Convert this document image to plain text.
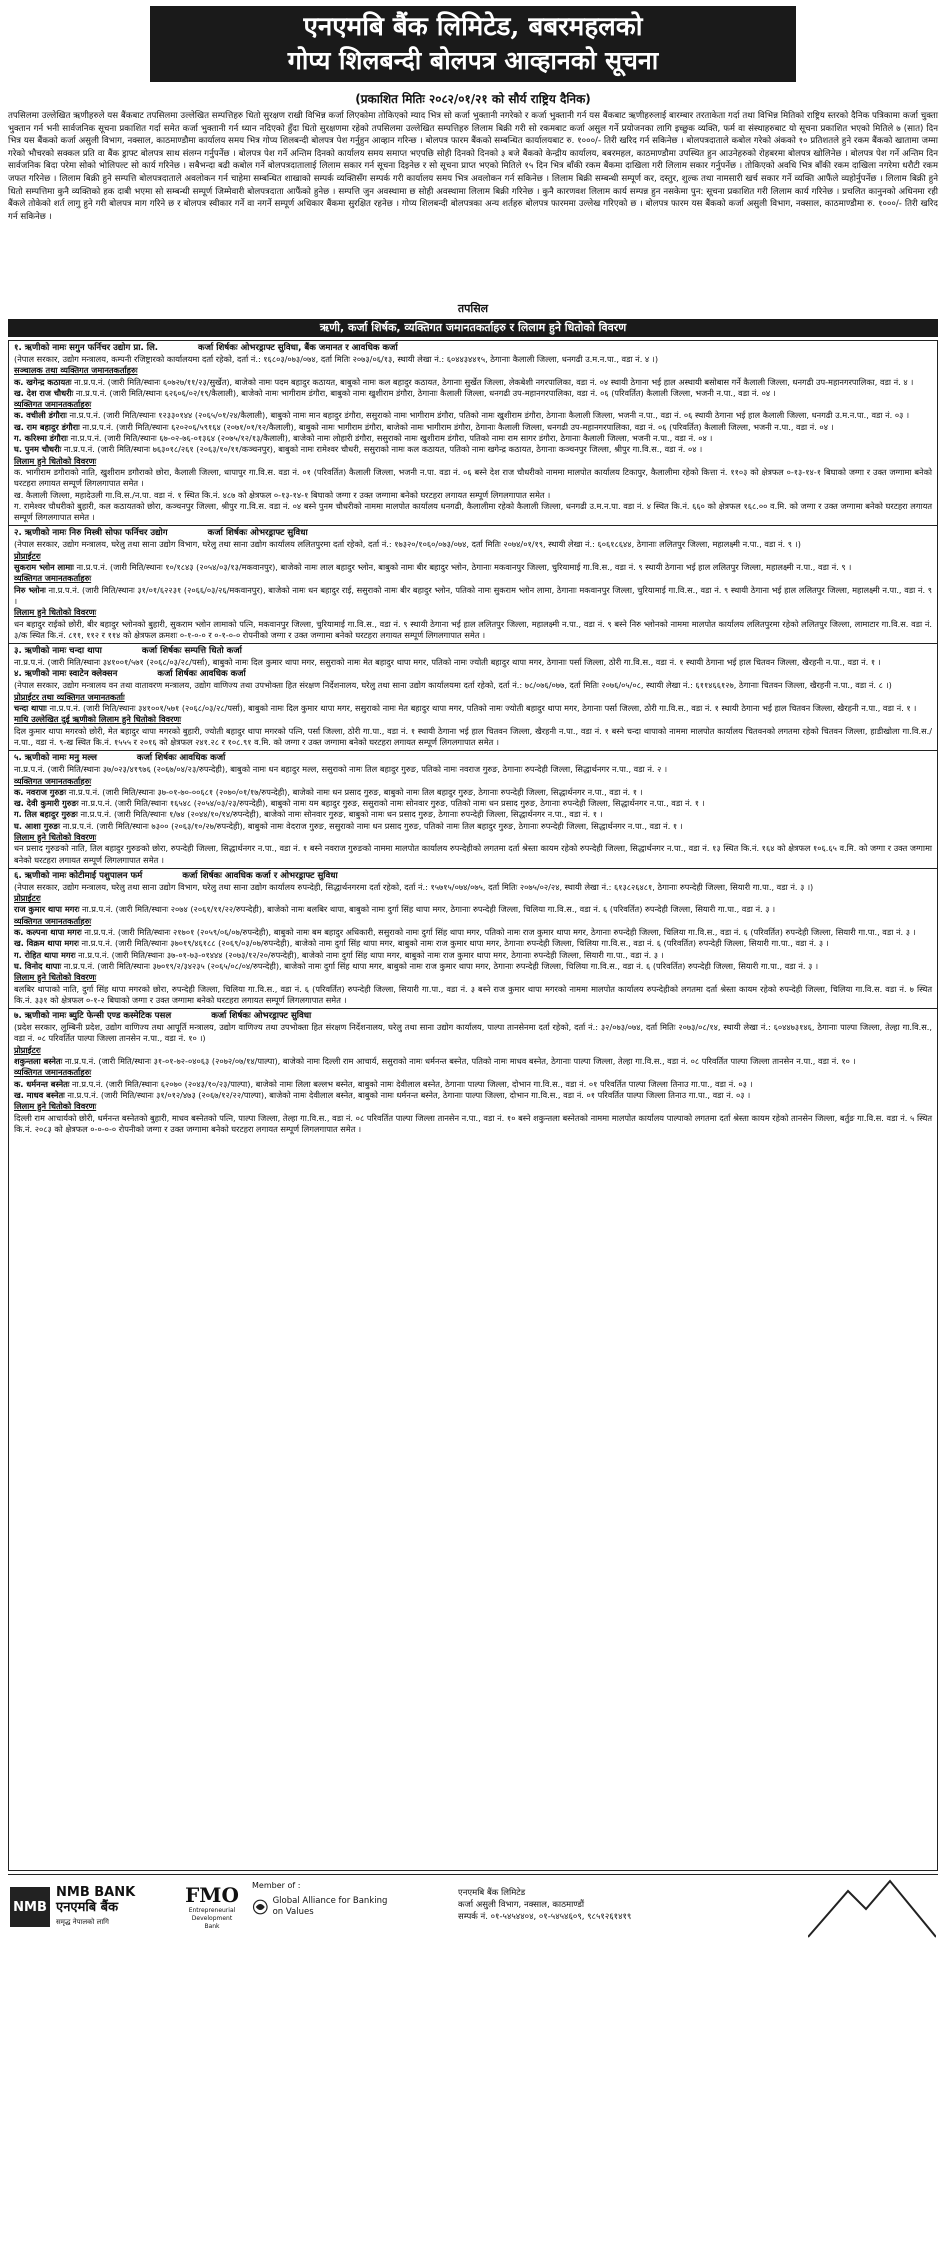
एनएमबि बैंक लिमिटेड, बबरमहलको
गोप्य शिलबन्दी बोलपत्र आव्हानको सूचना
(प्रकाशित मितिः २०८२/०१/२१ को सौर्य राष्ट्रिय दैनिक)

तपसिलमा उल्लेखित ऋणीहरुले यस बैंकबाट तपसिलमा उल्लेखित सम्पत्तिहरु धितो सुरक्षण राखी विभिन्न कर्जा लिएकोमा तोकिएको म्याद भित्र सो कर्जा भुक्तानी नगरेको र कर्जा भुक्तानी गर्न यस बैंकबाट ऋणीहरुलाई बारम्बार तरताकेता गर्दा तथा विभिन्न मितिको राष्ट्रिय स्तरको दैनिक पत्रिकामा कर्जा चुक्ता भुक्तान गर्न भनी सार्वजनिक सूचना प्रकाशित गर्दा समेत कर्जा भुक्तानी गर्न ध्यान नदिएको हुँदा धितो सुरक्षणमा रहेको तपसिलमा उल्लेखित सम्पत्तिहरु लिलाम बिक्री गरी सो रकमबाट कर्जा असुल गर्ने प्रयोजनका लागि इच्छुक व्यक्ति, फर्म वा संस्थाहरुबाट यो सूचना प्रकाशित भएको मितिले ७ (सात) दिन भित्र यस बैंकको कर्जा असुली विभाग, नक्साल, काठमाण्डौमा कार्यालय समय भित्र गोप्य शिलबन्दी बोलपत्र पेश गर्नुहुन आव्हान गरिन्छ । बोलपत्र फारम बैंकको सम्बन्धित कार्यालयबाट रु. १०००/- तिरी खरिद गर्न सकिनेछ । बोलपत्रदाताले कबोल गरेको अंकको १० प्रतिशतले हुने रकम बैंकको खातामा जम्मा गरेको भौचरको सक्कल प्रति वा बैंक ड्राफ्ट बोलपत्र साथ संलग्न गर्नुपर्नेछ । बोलपत्र पेश गर्ने अन्तिम दिनको कार्यालय समय समाप्त भएपछि सोही दिनको दिनको ३ बजे बैंकको केन्द्रीय कार्यालय, बबरमहल, काठमाण्डौमा उपस्थित हुन आउनेहरुको रोहबरमा बोलपत्र खोलिनेछ । बोलपत्र पेश गर्ने अन्तिम दिन सार्वजनिक बिदा परेमा सोको भोलिपल्ट सो कार्य गरिनेछ । सबैभन्दा बढी कबोल गर्ने बोलपत्रदातालाई लिलाम सकार गर्न सूचना दिइनेछ र सो सूचना प्राप्त भएको मितिले १५ दिन भित्र बाँकी रकम बैंकमा दाखिला गरी लिलाम सकार गर्नुपर्नेछ । तोकिएको अवधि भित्र बाँकी रकम दाखिला नगरेमा धरौटी रकम जफत गरिनेछ । लिलाम बिक्री हुने सम्पत्ति बोलपत्रदाताले अवलोकन गर्न चाहेमा सम्बन्धित शाखाको सम्पर्क व्यक्तिसँग सम्पर्क गरी कार्यालय समय भित्र अवलोकन गर्न सकिनेछ । लिलाम बिक्री सम्बन्धी सम्पूर्ण कर, दस्तुर, शुल्क तथा नामसारी खर्च सकार गर्ने व्यक्ति आफैंले व्यहोर्नुपर्नेछ । लिलाम बिक्री हुने धितो सम्पत्तिमा कुनै व्यक्तिको हक दाबी भएमा सो सम्बन्धी सम्पूर्ण जिम्मेवारी बोलपत्रदाता आफैंको हुनेछ । सम्पत्ति जुन अवस्थामा छ सोही अवस्थामा लिलाम बिक्री गरिनेछ । कुनै कारणवश लिलाम कार्य सम्पन्न हुन नसकेमा पुन: सूचना प्रकाशित गरी लिलाम कार्य गरिनेछ । प्रचलित कानुनको अधिनमा रही बैंकले तोकेको शर्त लागु हुने गरी बोलपत्र माग गरिने छ र बोलपत्र स्वीकार गर्ने वा नगर्ने सम्पूर्ण अधिकार बैंकमा सुरक्षित रहनेछ । गोप्य शिलबन्दी बोलपत्रका अन्य शर्तहरु बोलपत्र फारममा उल्लेख गरिएको छ । बोलपत्र फारम यस बैंकको कर्जा असुली विभाग, नक्साल, काठमाण्डौमा रु. १०००/- तिरी खरिद गर्न सकिनेछ ।

तपसिल
ऋणी, कर्जा शिर्षक, व्यक्तिगत जमानतकर्ताहरु र लिलाम हुने धितोको विवरण
१. ऋणीको नामः सगुन फर्निचर उद्योग प्रा. लि.	कर्जा शिर्षकः ओभरड्राफ्ट सुविधा, बैंक जमानत र आवधिक कर्जा

(नेपाल सरकार, उद्योग मन्त्रालय, कम्पनी रजिष्ट्रारको कार्यालयमा दर्ता रहेको, दर्ता नं.: १६८०३/०७३/०७४, दर्ता मितिः २०७३/०६/१३, स्थायी लेखा नं.: ६०४४३४४१५, ठेगानाः कैलाली जिल्ला, धनगढी उ.म.न.पा., वडा नं. ४ ।)

सञ्चालक तथा व्यक्तिगत जमानतकर्ताहरुः

क. खगेन्द्र कठायतः ना.प्र.प.नं. (जारी मिति/स्थानः ६०७२७/११/२३/सुर्खेत), बाजेको नामः पदम बहादुर कठायत, बाबुको नामः कल बहादुर कठायत, ठेगानाः सुर्खेत जिल्ला, लेकबेशी नगरपालिका, वडा नं. ०४ स्थायी ठेगाना भई हाल अस्थायी बसोबास गर्ने कैलाली जिल्ला, धनगढी उप-महानगरपालिका, वडा नं. ४ ।

ख. देश राज चौधरीः ना.प्र.प.नं. (जारी मिति/स्थानः ६२६०६/०२/१९/कैलाली), बाजेको नामः भागीराम डंगौरा, बाबुको नामः खुशीराम डंगौरा, ठेगानाः कैलाली जिल्ला, धनगढी उप-महानगरपालिका, वडा नं. ०६ (परिवर्तित) कैलाली जिल्ला, भजनी न.पा., वडा नं. ०४ ।

व्यक्तिगत जमानतकर्ताहरुः

क. वचीली डंगौराः ना.प्र.प.नं. (जारी मिति/स्थानः १२३३०१४४ (२०६५/०१/२४/कैलाली), बाबुको नामः मान बहादुर डंगौरा, ससुराको नामः भागीराम डंगौरा, पतिको नामः खुशीराम डंगौरा, ठेगानाः कैलाली जिल्ला, भजनी न.पा., वडा नं. ०६ स्थायी ठेगाना भई हाल कैलाली जिल्ला, धनगढी उ.म.न.पा., वडा नं. ०३ ।

ख. राम बहादुर डंगौराः ना.प्र.प.नं. (जारी मिति/स्थानः ६२०२०६/५९१६४ (२०७१/०१/१२/कैलाली), बाबुको नामः भागीराम डंगौरा, बाजेको नामः भागीराम डंगौरा, ठेगानाः कैलाली जिल्ला, धनगढी उप-महानगरपालिका, वडा नं. ०६ (परिवर्तित) कैलाली जिल्ला, भजनी न.पा., वडा नं. ०४ ।

ग. करिश्मा डंगौराः ना.प्र.प.नं. (जारी मिति/स्थानः ६७-०२-७६-०१३६४ (२०७५/१२/१३/कैलाली), बाजेको नामः लोहारी डंगौरा, ससुराको नामः खुशीराम डंगौरा, पतिको नामः राम सागर डंगौरा, ठेगानाः कैलाली जिल्ला, भजनी न.पा., वडा नं. ०४ ।

घ. पुनम चौधरीः ना.प्र.प.नं. (जारी मिति/स्थानः ७६३०१८/२६१ (२०६३/१०/११/कञ्चनपुर), बाबुको नामः रामेश्वर चौधरी, ससुराको नामः कल कठायत, पतिको नामः खगेन्द्र कठायत, ठेगानाः कञ्चनपुर जिल्ला, श्रीपुर गा.वि.स., वडा नं. ०४ ।

लिलाम हुने धितोको विवरणः

क. भागीराम डगौराको नाति, खुशीराम डगौराको छोरा, कैलाली जिल्ला, धापापुर गा.वि.स. वडा नं. ०१ (परिवर्तित) कैलाली जिल्ला, भजनी न.पा. वडा नं. ०६ बस्ने देश राज चौधरीको नाममा मालपोत कार्यालय टिकापुर, कैलालीमा रहेको कित्ता नं. ११०३ को क्षेत्रफल ०-१३-१४-१ बिघाको जग्गा र उक्त जग्गामा बनेको घरटहरा लगायत सम्पूर्ण लिगलगापात समेत ।

ख. कैलाली जिल्ला, महादेउली गा.वि.स./न.पा. वडा नं. १ स्थित कि.नं. ४८७ को क्षेत्रफल ०-१३-१४-१ बिघाको जग्गा र उक्त जग्गामा बनेको घरटहरा लगायत सम्पूर्ण लिगलगापात समेत ।

ग. रामेश्वर चौधरीको बुहारी, कल कठायतको छोरा, कञ्चनपुर जिल्ला, श्रीपुर गा.वि.स. वडा नं. ०४ बस्ने पुनम चौधरीको नाममा मालपोत कार्यालय धनगढी, कैलालीमा रहेको कैलाली जिल्ला, धनगढी उ.म.न.पा. वडा नं. ४ स्थित कि.नं. ६६० को क्षेत्रफल १६८.०० व.मि. को जग्गा र उक्त जग्गामा बनेको घरटहरा लगायत सम्पूर्ण लिगलगापात समेत ।

२. ऋणीको नामः निरु मिस्त्री सोफा फर्निचर उद्योग	कर्जा शिर्षकः ओभरड्राफ्ट सुविधा

(नेपाल सरकार, उद्योग मन्त्रालय, घरेलु तथा साना उद्योग विभाग, घरेलु तथा साना उद्योग कार्यालय ललितपुरमा दर्ता रहेको, दर्ता नं.: १७३२०/१०६०/०७३/०७४, दर्ता मितिः २०७४/०१/१९, स्थायी लेखा नं.: ६०६१८६४४, ठेगानाः ललितपुर जिल्ला, महालक्ष्मी न.पा., वडा नं. ९ ।)

प्रोप्राईटरः

सुकराम भ्लोन लामाः ना.प्र.प.नं. (जारी मिति/स्थानः १०/१८४३ (२०५४/०३/१३/मकवानपुर), बाजेको नामः लाल बहादुर भ्लोन, बाबुको नामः बीर बहादुर भ्लोन, ठेगानाः मकवानपुर जिल्ला, चुरियामाई गा.वि.स., वडा नं. ९ स्थायी ठेगाना भई हाल ललितपुर जिल्ला, महालक्ष्मी न.पा., वडा नं. ९ ।

व्यक्तिगत जमानतकर्ताहरुः

निरु भ्लोनः ना.प्र.प.नं. (जारी मिति/स्थानः ३१/०१/६२२३१ (२०६६/०३/२६/मकवानपुर), बाजेको नामः धन बहादुर राई, ससुराको नामः बीर बहादुर भ्लोन, पतिको नामः सुकराम भ्लोन लामा, ठेगानाः मकवानपुर जिल्ला, चुरियामाई गा.वि.स., वडा नं. ९ स्थायी ठेगाना भई हाल ललितपुर जिल्ला, महालक्ष्मी न.पा., वडा नं. ९ ।

लिलाम हुने धितोको विवरणः

धन बहादुर राईको छोरी, बीर बहादुर भ्लोनको बुहारी, सुकराम भ्लोन लामाको पत्नि, मकवानपुर जिल्ला, चुरियामाई गा.वि.स., वडा नं. ९ स्थायी ठेगाना भई हाल ललितपुर जिल्ला, महालक्ष्मी न.पा., वडा नं. ९ बस्ने निरु भ्लोनको नाममा मालपोत कार्यालय ललितपुरमा रहेको ललितपुर जिल्ला, लामाटार गा.वि.स. वडा नं. ३/क स्थित कि.नं. ८११, ११२ र ११४ को क्षेत्रफल क्रमशः ०-१-०-० र ०-१-०-० रोपनीको जग्गा र उक्त जग्गामा बनेको घरटहरा लगायत सम्पूर्ण लिगलगापात समेत ।

३. ऋणीको नामः चन्दा थापा	कर्जा शिर्षकः सम्पत्ति धितो कर्जा

ना.प्र.प.नं. (जारी मिति/स्थानः ३४१००१/५७१ (२०६८/०३/२८/पर्सा), बाबुको नामः दिल कुमार थापा मगर, ससुराको नामः मेत बहादुर थापा मगर, पतिको नामः ज्योती बहादुर थापा मगर, ठेगानाः पर्सा जिल्ला, ठोरी गा.वि.स., वडा नं. १ स्थायी ठेगाना भई हाल चितवन जिल्ला, खैरहनी न.पा., वडा नं. १ ।

४. ऋणीको नामः स्वाटेन क्लेक्सन	कर्जा शिर्षकः आवधिक कर्जा

(नेपाल सरकार, उद्योग मन्त्रालय वन तथा वातावरण मन्त्रालय, उद्योग वाणिज्य तथा उपभोक्ता हित संरक्षण निर्देशनालय, घरेलु तथा साना उद्योग कार्यालयमा दर्ता रहेको, दर्ता नं.: ७८/०७६/०७७, दर्ता मितिः २०७६/०५/०८, स्थायी लेखा नं.: ६११४६६१२७, ठेगानाः चितवन जिल्ला, खैरहनी न.पा., वडा नं. ८ ।)

प्रोप्राईटर तथा व्यक्तिगत जमानतकर्ताः

चन्दा थापाः ना.प्र.प.नं. (जारी मिति/स्थानः ३४१००१/५७१ (२०६८/०३/२८/पर्सा), बाबुको नामः दिल कुमार थापा मगर, ससुराको नामः मेत बहादुर थापा मगर, पतिको नामः ज्योती बहादुर थापा मगर, ठेगानाः पर्सा जिल्ला, ठोरी गा.वि.स., वडा नं. १ स्थायी ठेगाना भई हाल चितवन जिल्ला, खैरहनी न.पा., वडा नं. १ ।

माथि उल्लेखित दुई ऋणीको लिलाम हुने धितोको विवरणः

दिल कुमार थापा मगरको छोरी, मेत बहादुर थापा मगरको बुहारी, ज्योती बहादुर थापा मगरको पत्नि, पर्सा जिल्ला, ठोरी गा.पा., वडा नं. १ स्थायी ठेगाना भई हाल चितवन जिल्ला, खैरहनी न.पा., वडा नं. १ बस्ने चन्दा थापाको नाममा मालपोत कार्यालय चितवनको लगतमा रहेको चितवन जिल्ला, हाडीखोला गा.वि.स./न.पा., वडा नं. ९-ख स्थित कि.नं. १५५५ र २०१६ को क्षेत्रफल २४१.२८ र १०८.९१ व.मि. को जग्गा र उक्त जग्गामा बनेको घरटहरा लगायत सम्पूर्ण लिगलगापात समेत ।

५. ऋणीको नामः मनु मल्ल	कर्जा शिर्षकः आवधिक कर्जा

ना.प्र.प.नं. (जारी मिति/स्थानः ३७/०२३/४१९७६ (२०६७/०४/२३/रुपन्देही), बाबुको नामः धन बहादुर मल्ल, ससुराको नामः तिल बहादुर गुरुङ, पतिको नामः नवराज गुरुङ, ठेगानाः रुपन्देही जिल्ला, सिद्धार्थनगर न.पा., वडा नं. २ ।

व्यक्तिगत जमानतकर्ताहरुः

क. नवराज गुरुङः ना.प्र.प.नं. (जारी मिति/स्थानः ३७-०१-७०-००६८१ (२०७०/०१/१७/रुपन्देही), बाजेको नामः धन प्रसाद गुरुङ, बाबुको नामः तिल बहादुर गुरुङ, ठेगानाः रुपन्देही जिल्ला, सिद्धार्थनगर न.पा., वडा नं. १ ।

ख. देवी कुमारी गुरुङः ना.प्र.प.नं. (जारी मिति/स्थानः १६५४८ (२०५४/०३/२३/रुपन्देही), बाबुको नामः यम बहादुर गुरुङ, ससुराको नामः सोनवार गुरुङ, पतिको नामः धन प्रसाद गुरुङ, ठेगानाः रुपन्देही जिल्ला, सिद्धार्थनगर न.पा., वडा नं. १ ।

ग. तिल बहादुर गुरुङः ना.प्र.प.नं. (जारी मिति/स्थानः १/७४ (२०४४/१०/१४/रुपन्देही), बाजेको नामः सोनवार गुरुङ, बाबुको नामः धन प्रसाद गुरुङ, ठेगानाः रुपन्देही जिल्ला, सिद्धार्थनगर न.पा., वडा नं. १ ।

घ. आशा गुरुङः ना.प्र.प.नं. (जारी मिति/स्थानः ७३०० (२०६३/१०/२७/रुपन्देही), बाबुको नामः वेदराज गुरुङ, ससुराको नामः धन प्रसाद गुरुङ, पतिको नामः तिल बहादुर गुरुङ, ठेगानाः रुपन्देही जिल्ला, सिद्धार्थनगर न.पा., वडा नं. १ ।

लिलाम हुने धितोको विवरणः

धन प्रसाद गुरुङको नाति, तिल बहादुर गुरुङको छोरा, रुपन्देही जिल्ला, सिद्धार्थनगर न.पा., वडा नं. १ बस्ने नवराज गुरुङको नाममा मालपोत कार्यालय रुपन्देहीको लगतमा दर्ता श्रेस्ता कायम रहेको रुपन्देही जिल्ला, सिद्धार्थनगर न.पा., वडा नं. १३ स्थित कि.नं. १६४ को क्षेत्रफल १०६.६५ व.मि. को जग्गा र उक्त जग्गामा बनेको घरटहरा लगायत सम्पूर्ण लिगलगापात समेत ।

६. ऋणीको नामः कोटीमाई पशुपालन फर्म	कर्जा शिर्षकः आवधिक कर्जा र ओभरड्राफ्ट सुविधा

(नेपाल सरकार, उद्योग मन्त्रालय, घरेलु तथा साना उद्योग विभाग, घरेलु तथा साना उद्योग कार्यालय रुपन्देही, सिद्धार्थनगरमा दर्ता रहेको, दर्ता नं.: १५७१५/०७४/०७५, दर्ता मितिः २०७५/०२/२४, स्थायी लेखा नं.: ६१३८२६४८१, ठेगानाः रुपन्देही जिल्ला, सियारी गा.पा., वडा नं. ३ ।)

प्रोप्राईटरः

राज कुमार थापा मगरः ना.प्र.प.नं. (जारी मिति/स्थानः २०७४ (२०६१/११/२२/रुपन्देही), बाजेको नामः बलबिर थापा, बाबुको नामः दुर्गा सिंह थापा मगर, ठेगानाः रुपन्देही जिल्ला, चिलिया गा.वि.स., वडा नं. ६ (परिवर्तित) रुपन्देही जिल्ला, सियारी गा.पा., वडा नं. ३ ।

व्यक्तिगत जमानतकर्ताहरुः

क. कल्पना थापा मगरः ना.प्र.प.नं. (जारी मिति/स्थानः २१७०१ (२०५९/०६/०७/रुपन्देही), बाबुको नामः बम बहादुर अधिकारी, ससुराको नामः दुर्गा सिंह थापा मगर, पतिको नामः राज कुमार थापा मगर, ठेगानाः रुपन्देही जिल्ला, चिलिया गा.वि.स., वडा नं. ६ (परिवर्तित) रुपन्देही जिल्ला, सियारी गा.पा., वडा नं. ३ ।

ख. विक्रम थापा मगरः ना.प्र.प.नं. (जारी मिति/स्थानः ३७०१९/४६१८८ (२०६९/०३/०७/रुपन्देही), बाजेको नामः दुर्गा सिंह थापा मगर, बाबुको नामः राज कुमार थापा मगर, ठेगानाः रुपन्देही जिल्ला, चिलिया गा.वि.स., वडा नं. ६ (परिवर्तित) रुपन्देही जिल्ला, सियारी गा.पा., वडा नं. ३ ।

ग. रोहित थापा मगरः ना.प्र.प.नं. (जारी मिति/स्थानः ३७-०१-७३-०१४४४ (२०७३/१२/२०/रुपन्देही), बाजेको नामः दुर्गा सिंह थापा मगर, बाबुको नामः राज कुमार थापा मगर, ठेगानाः रुपन्देही जिल्ला, सियारी गा.पा., वडा नं. ३ ।

घ. विनोद थापाः ना.प्र.प.नं. (जारी मिति/स्थानः ३७०१९/२/३४२३५ (२०६५/०८/०४/रुपन्देही), बाजेको नामः दुर्गा सिंह थापा मगर, बाबुको नामः राज कुमार थापा मगर, ठेगानाः रुपन्देही जिल्ला, चिलिया गा.वि.स., वडा नं. ६ (परिवर्तित) रुपन्देही जिल्ला, सियारी गा.पा., वडा नं. ३ ।

लिलाम हुने धितोको विवरणः

बलबिर थापाको नाति, दुर्गा सिंह थापा मगरको छोरा, रुपन्देही जिल्ला, चिलिया गा.वि.स., वडा नं. ६ (परिवर्तित) रुपन्देही जिल्ला, सियारी गा.पा., वडा नं. ३ बस्ने राज कुमार थापा मगरको नाममा मालपोत कार्यालय रुपन्देहीको लगतमा दर्ता श्रेस्ता कायम रहेको रुपन्देही जिल्ला, चिलिया गा.वि.स. वडा नं. ७ स्थित कि.नं. ३३१ को क्षेत्रफल ०-१-२ बिघाको जग्गा र उक्त जग्गामा बनेको घरटहरा लगायत सम्पूर्ण लिगलगापात समेत ।

७. ऋणीको नामः ब्युटि फेन्सी एण्ड कस्मेटिक पसल	कर्जा शिर्षकः ओभरड्राफ्ट सुविधा

(प्रदेश सरकार, लुम्बिनी प्रदेश, उद्योग वाणिज्य तथा आपूर्ति मन्त्रालय, उद्योग वाणिज्य तथा उपभोक्ता हित संरक्षण निर्देशनालय, घरेलु तथा साना उद्योग कार्यालय, पाल्पा तानसेनमा दर्ता रहेको, दर्ता नं.: ३२/०७३/०७४, दर्ता मितिः २०७३/०८/१४, स्थायी लेखा नं.: ६०४४७३१४६, ठेगानाः पाल्पा जिल्ला, तेल्हा गा.वि.स., वडा नं. ०८ परिवर्तित पाल्पा जिल्ला तानसेन न.पा., वडा नं. १० ।)

प्रोप्राईटरः

शकुन्तला बस्नेतः ना.प्र.प.नं. (जारी मिति/स्थानः ३१-०१-७२-०४०६३ (२०७२/०७/१४/पाल्पा), बाजेको नामः दिल्ली राम आचार्य, ससुराको नामः धर्मनन्त बस्नेत, पतिको नामः माधव बस्नेत, ठेगानाः पाल्पा जिल्ला, तेल्हा गा.वि.स., वडा नं. ०८ परिवर्तित पाल्पा जिल्ला तानसेन न.पा., वडा नं. १० ।

व्यक्तिगत जमानतकर्ताहरुः

क. धर्मनन्त बस्नेतः ना.प्र.प.नं. (जारी मिति/स्थानः ६२०७० (२०४३/१०/२३/पाल्पा), बाजेको नामः लिला बल्लभ बस्नेत, बाबुको नामः देवीलाल बस्नेत, ठेगानाः पाल्पा जिल्ला, दोभान गा.वि.स., वडा नं. ०१ परिवर्तित पाल्पा जिल्ला तिनाउ गा.पा., वडा नं. ०३ ।

ख. माधव बस्नेतः ना.प्र.प.नं. (जारी मिति/स्थानः ३१/०१२/४७३ (२०६७/१२/२२/पाल्पा), बाजेको नामः देवीलाल बस्नेत, बाबुको नामः धर्मनन्त बस्नेत, ठेगानाः पाल्पा जिल्ला, दोभान गा.वि.स., वडा नं. ०१ परिवर्तित पाल्पा जिल्ला तिनाउ गा.पा., वडा नं. ०३ ।

लिलाम हुने धितोको विवरणः

दिल्ली राम आचार्यको छोरी, धर्मनन्त बस्नेतको बुहारी, माधव बस्नेतको पत्नि, पाल्पा जिल्ला, तेल्हा गा.वि.स., वडा नं. ०८ परिवर्तित पाल्पा जिल्ला तानसेन न.पा., वडा नं. १० बस्ने शकुन्तला बस्नेतको नाममा मालपोत कार्यालय पाल्पाको लगतमा दर्ता श्रेस्ता कायम रहेको तानसेन जिल्ला, बर्तुङ गा.वि.स. वडा नं. ५ स्थित कि.नं. २०८३ को क्षेत्रफल ०-०-०-० रोपनीको जग्गा र उक्त जग्गामा बनेको घरटहरा लगायत सम्पूर्ण लिगलगापात समेत ।

NMB
NMB BANK
एनएमबि बैंक
समृद्ध नेपालको लागि
FMO
Entrepreneurial Development Bank
Member of :
Global Alliance for Banking on Values
एनएमबि बैंक लिमिटेड
कर्जा असुली विभाग, नक्साल, काठमाण्डौं
सम्पर्क नं. ०१-५४५४४०४, ०१-५४५४६०९, ९८५१२६१४१९
